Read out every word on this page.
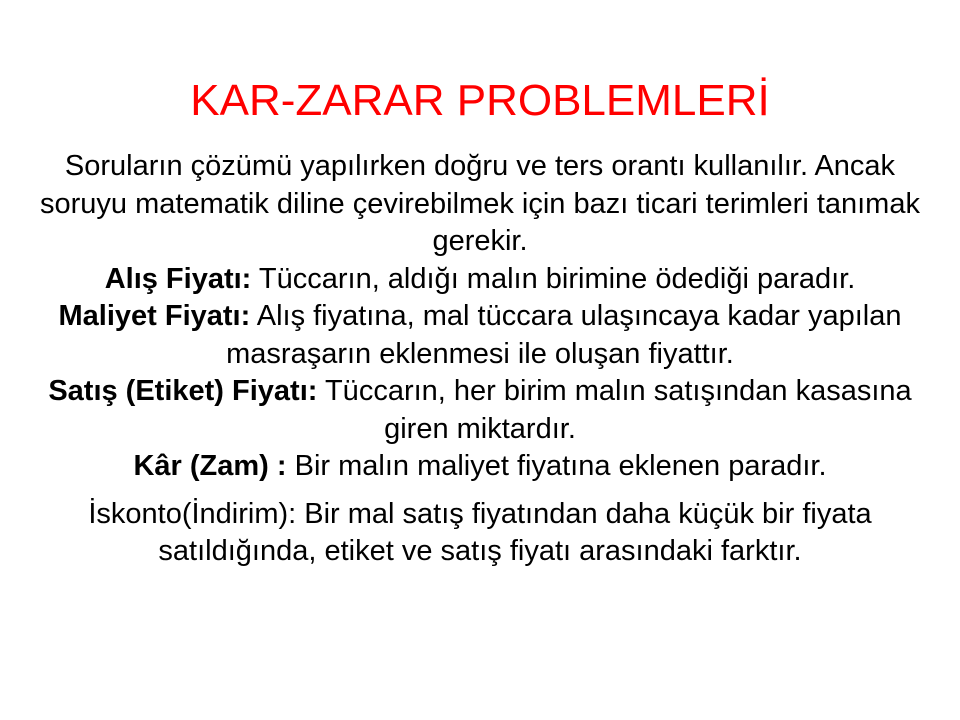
KAR-ZARAR PROBLEMLERİ

Soruların çözümü yapılırken doğru ve ters orantı kullanılır. Ancak soruyu matematik diline çevirebilmek için bazı ticari terimleri tanımak gerekir.

Alış Fiyatı: Tüccarın, aldığı malın birimine ödediği paradır.

Maliyet Fiyatı: Alış fiyatına, mal tüccara ulaşıncaya kadar yapılan masraşarın eklenmesi ile oluşan fiyattır.

Satış (Etiket) Fiyatı: Tüccarın, her birim malın satışından kasasına giren miktardır.

Kâr (Zam) : Bir malın maliyet fiyatına eklenen paradır.

İskonto(İndirim): Bir mal satış fiyatından daha küçük bir fiyata satıldığında, etiket ve satış fiyatı arasındaki farktır.
